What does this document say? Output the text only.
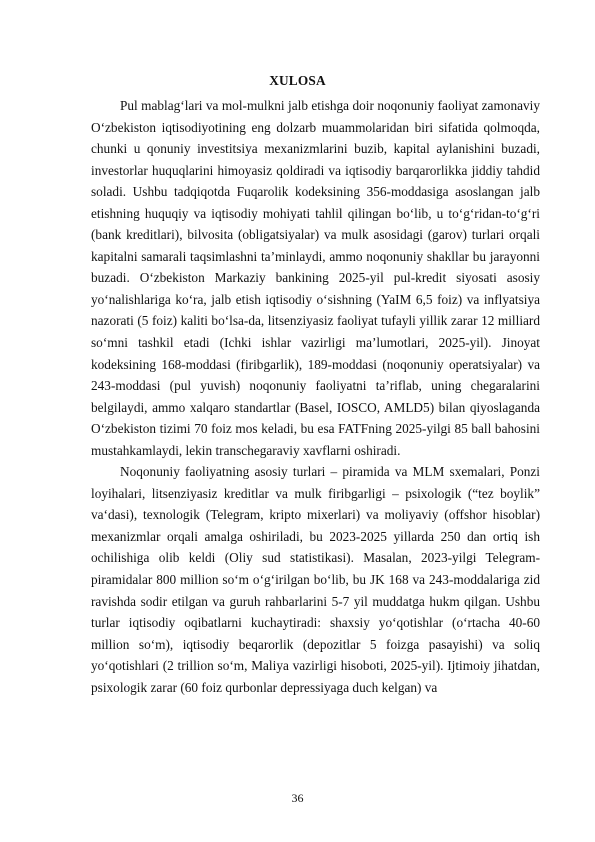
XULOSA

Pul mablag‘lari va mol-mulkni jalb etishga doir noqonuniy faoliyat zamonaviy O‘zbekiston iqtisodiyotining eng dolzarb muammolaridan biri sifatida qolmoqda, chunki u qonuniy investitsiya mexanizmlarini buzib, kapital aylanishini buzadi, investorlar huquqlarini himoyasiz qoldiradi va iqtisodiy barqarorlikka jiddiy tahdid soladi. Ushbu tadqiqotda Fuqarolik kodeksining 356-moddasiga asoslangan jalb etishning huquqiy va iqtisodiy mohiyati tahlil qilingan bo‘lib, u to‘g‘ridan-to‘g‘ri (bank kreditlari), bilvosita (obligatsiyalar) va mulk asosidagi (garov) turlari orqali kapitalni samarali taqsimlashni ta’minlaydi, ammo noqonuniy shakllar bu jarayonni buzadi. O‘zbekiston Markaziy bankining 2025-yil pul-kredit siyosati asosiy yo‘nalishlariga ko‘ra, jalb etish iqtisodiy o‘sishning (YaIM 6,5 foiz) va inflyatsiya nazorati (5 foiz) kaliti bo‘lsa-da, litsenziyasiz faoliyat tufayli yillik zarar 12 milliard so‘mni tashkil etadi (Ichki ishlar vazirligi ma’lumotlari, 2025-yil). Jinoyat kodeksining 168-moddasi (firibgarlik), 189-moddasi (noqonuniy operatsiyalar) va 243-moddasi (pul yuvish) noqonuniy faoliyatni ta’riflab, uning chegaralarini belgilaydi, ammo xalqaro standartlar (Basel, IOSCO, AMLD5) bilan qiyoslaganda O‘zbekiston tizimi 70 foiz mos keladi, bu esa FATFning 2025-yilgi 85 ball bahosini mustahkamlaydi, lekin transchegaraviy xavflarni oshiradi.

Noqonuniy faoliyatning asosiy turlari – piramida va MLM sxemalari, Ponzi loyihalari, litsenziyasiz kreditlar va mulk firibgarligi – psixologik (“tez boylik” va‘dasi), texnologik (Telegram, kripto mixerlari) va moliyaviy (offshor hisoblar) mexanizmlar orqali amalga oshiriladi, bu 2023-2025 yillarda 250 dan ortiq ish ochilishiga olib keldi (Oliy sud statistikasi). Masalan, 2023-yilgi Telegram-piramidalar 800 million so‘m o‘g‘irilgan bo‘lib, bu JK 168 va 243-moddalariga zid ravishda sodir etilgan va guruh rahbarlarini 5-7 yil muddatga hukm qilgan. Ushbu turlar iqtisodiy oqibatlarni kuchaytiradi: shaxsiy yo‘qotishlar (o‘rtacha 40-60 million so‘m), iqtisodiy beqarorlik (depozitlar 5 foizga pasayishi) va soliq yo‘qotishlari (2 trillion so‘m, Maliya vazirligi hisoboti, 2025-yil). Ijtimoiy jihatdan, psixologik zarar (60 foiz qurbonlar depressiyaga duch kelgan) va

36
